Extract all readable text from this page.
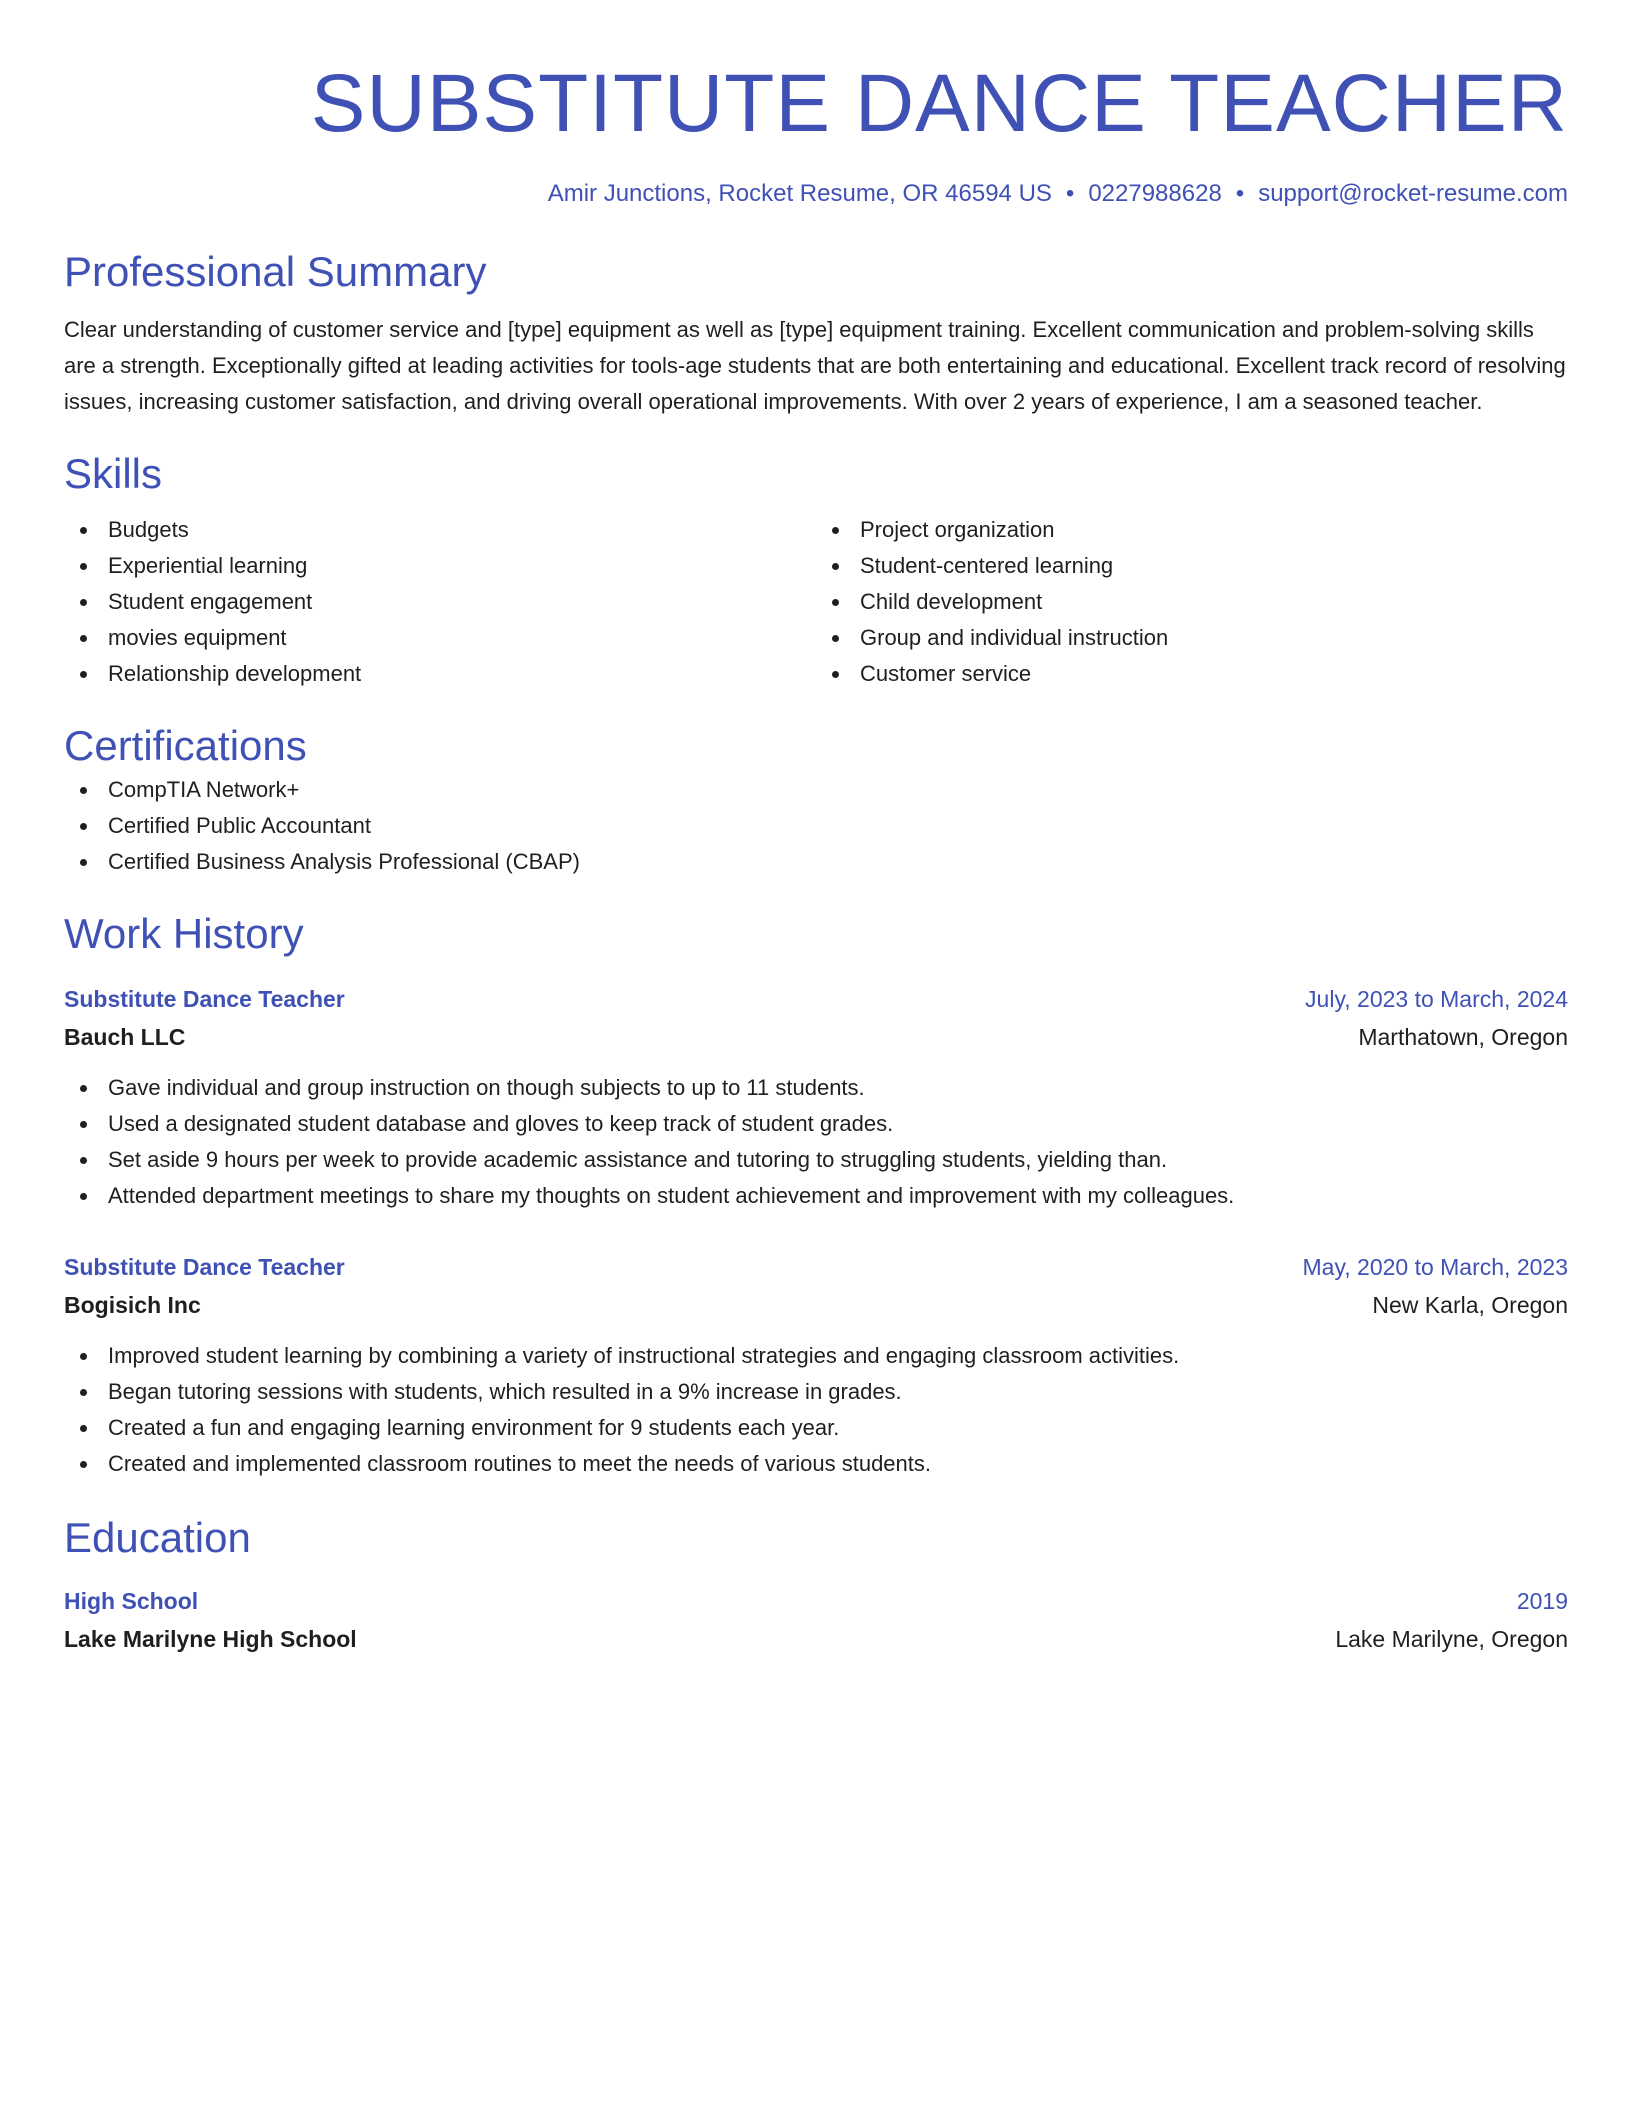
SUBSTITUTE DANCE TEACHER
Amir Junctions, Rocket Resume, OR 46594 US • 0227988628 • support@rocket-resume.com
Professional Summary
Clear understanding of customer service and [type] equipment as well as [type] equipment training. Excellent communication and problem-solving skills are a strength. Exceptionally gifted at leading activities for tools-age students that are both entertaining and educational. Excellent track record of resolving issues, increasing customer satisfaction, and driving overall operational improvements. With over 2 years of experience, I am a seasoned teacher.
Skills
Budgets
Experiential learning
Student engagement
movies equipment
Relationship development
Project organization
Student-centered learning
Child development
Group and individual instruction
Customer service
Certifications
CompTIA Network+
Certified Public Accountant
Certified Business Analysis Professional (CBAP)
Work History
Substitute Dance Teacher	July, 2023 to March, 2024
Bauch LLC	Marthatown, Oregon
Gave individual and group instruction on though subjects to up to 11 students.
Used a designated student database and gloves to keep track of student grades.
Set aside 9 hours per week to provide academic assistance and tutoring to struggling students, yielding than.
Attended department meetings to share my thoughts on student achievement and improvement with my colleagues.
Substitute Dance Teacher	May, 2020 to March, 2023
Bogisich Inc	New Karla, Oregon
Improved student learning by combining a variety of instructional strategies and engaging classroom activities.
Began tutoring sessions with students, which resulted in a 9% increase in grades.
Created a fun and engaging learning environment for 9 students each year.
Created and implemented classroom routines to meet the needs of various students.
Education
High School	2019
Lake Marilyne High School	Lake Marilyne, Oregon
